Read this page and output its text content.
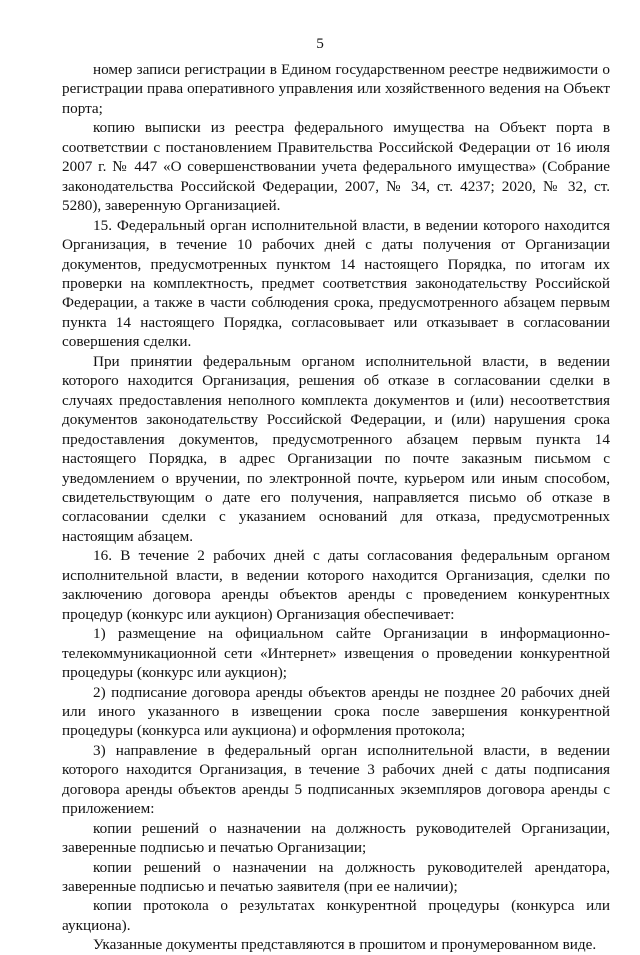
5

номер записи регистрации в Едином государственном реестре недвижимости о регистрации права оперативного управления или хозяйственного ведения на Объект порта;

копию выписки из реестра федерального имущества на Объект порта в соответствии с постановлением Правительства Российской Федерации от 16 июля 2007 г. № 447 «О совершенствовании учета федерального имущества» (Собрание законодательства Российской Федерации, 2007, № 34, ст. 4237; 2020, № 32, ст. 5280), заверенную Организацией.

15. Федеральный орган исполнительной власти, в ведении которого находится Организация, в течение 10 рабочих дней с даты получения от Организации документов, предусмотренных пунктом 14 настоящего Порядка, по итогам их проверки на комплектность, предмет соответствия законодательству Российской Федерации, а также в части соблюдения срока, предусмотренного абзацем первым пункта 14 настоящего Порядка, согласовывает или отказывает в согласовании совершения сделки.

При принятии федеральным органом исполнительной власти, в ведении которого находится Организация, решения об отказе в согласовании сделки в случаях предоставления неполного комплекта документов и (или) несоответствия документов законодательству Российской Федерации, и (или) нарушения срока предоставления документов, предусмотренного абзацем первым пункта 14 настоящего Порядка, в адрес Организации по почте заказным письмом с уведомлением о вручении, по электронной почте, курьером или иным способом, свидетельствующим о дате его получения, направляется письмо об отказе в согласовании сделки с указанием оснований для отказа, предусмотренных настоящим абзацем.

16. В течение 2 рабочих дней с даты согласования федеральным органом исполнительной власти, в ведении которого находится Организация, сделки по заключению договора аренды объектов аренды с проведением конкурентных процедур (конкурс или аукцион) Организация обеспечивает:

1) размещение на официальном сайте Организации в информационно-телекоммуникационной сети «Интернет» извещения о проведении конкурентной процедуры (конкурс или аукцион);

2) подписание договора аренды объектов аренды не позднее 20 рабочих дней или иного указанного в извещении срока после завершения конкурентной процедуры (конкурса или аукциона) и оформления протокола;

3) направление в федеральный орган исполнительной власти, в ведении которого находится Организация, в течение 3 рабочих дней с даты подписания договора аренды объектов аренды 5 подписанных экземпляров договора аренды с приложением:

копии решений о назначении на должность руководителей Организации, заверенные подписью и печатью Организации;

копии решений о назначении на должность руководителей арендатора, заверенные подписью и печатью заявителя (при ее наличии);

копии протокола о результатах конкурентной процедуры (конкурса или аукциона).

Указанные документы представляются в прошитом и пронумерованном виде.
